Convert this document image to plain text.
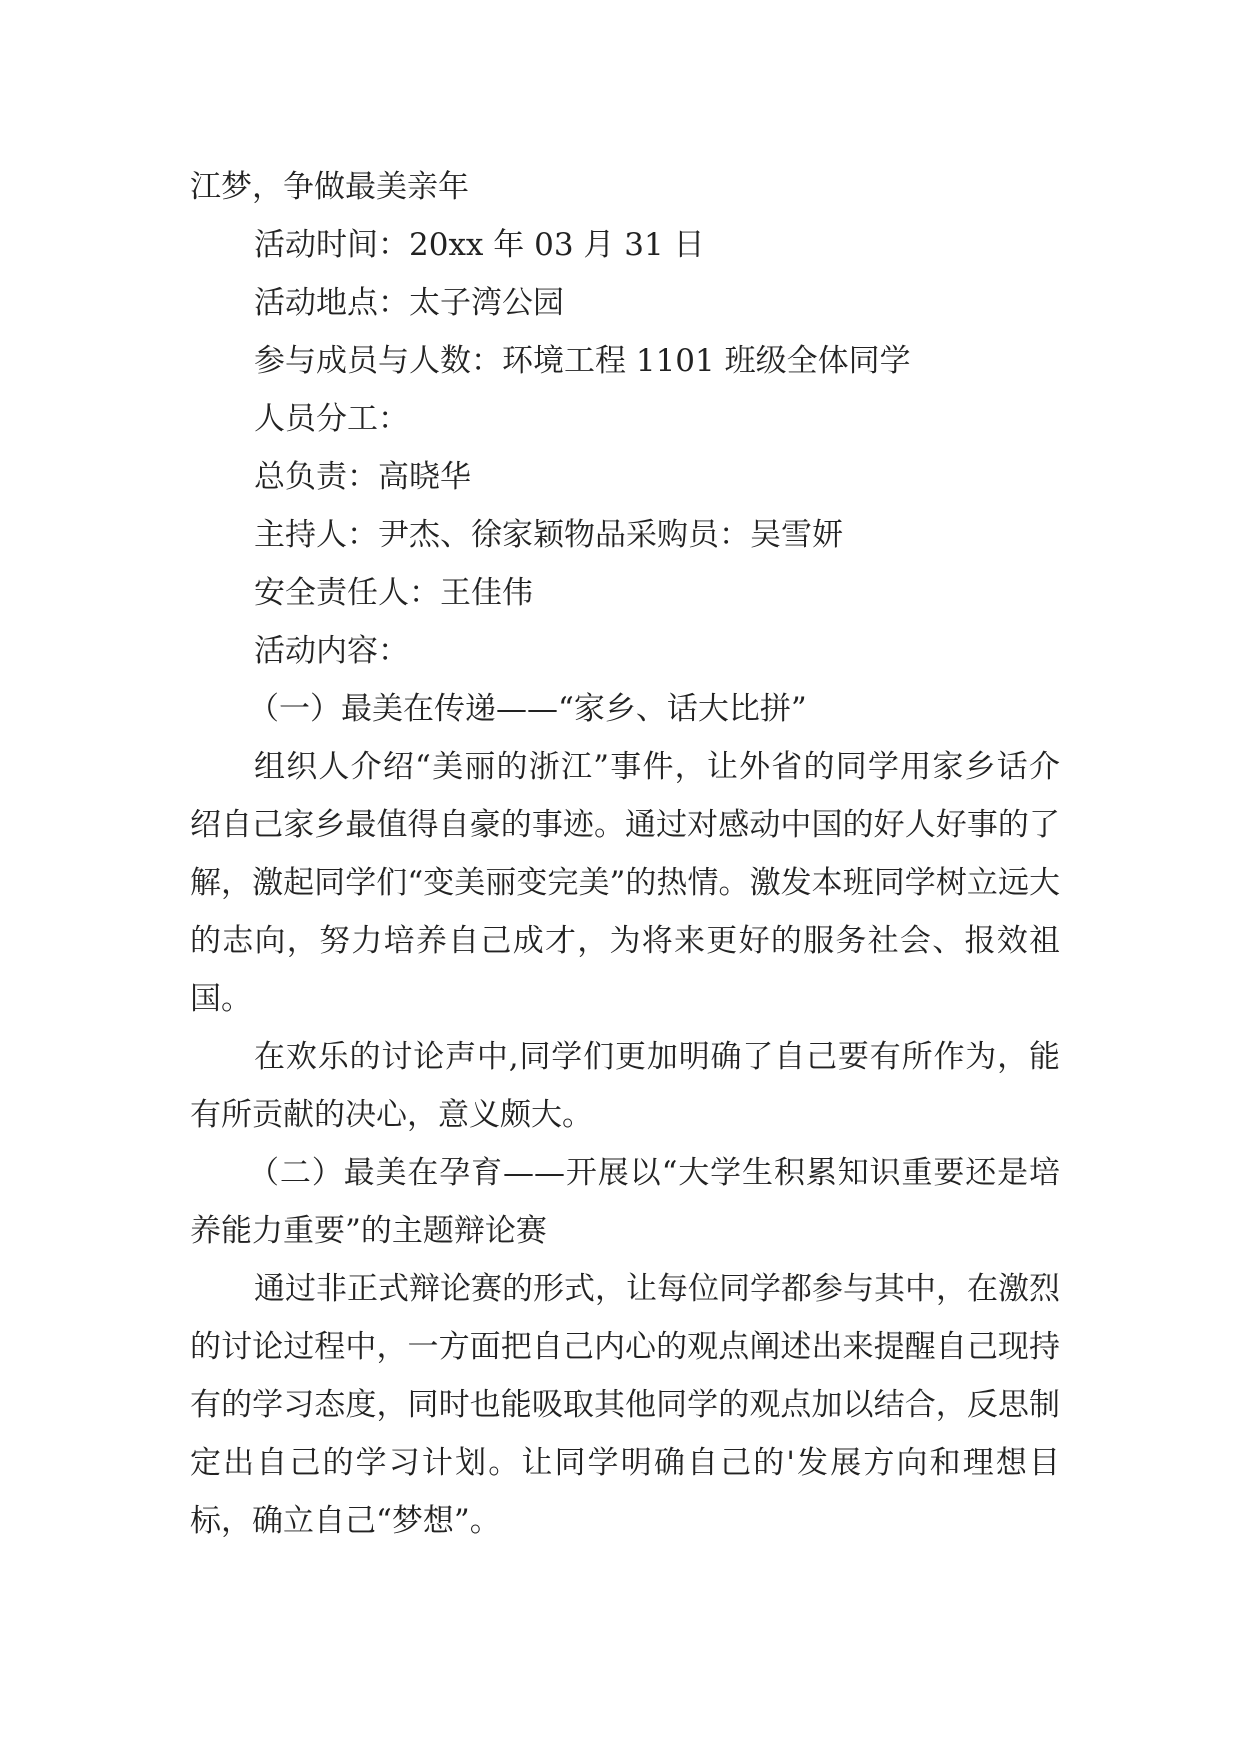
江梦，争做最美亲年

活动时间：20xx 年 03 月 31 日

活动地点：太子湾公园

参与成员与人数：环境工程 1101 班级全体同学

人员分工：

总负责：高晓华

主持人：尹杰、徐家颖物品采购员：吴雪妍

安全责任人：王佳伟

活动内容：

（一）最美在传递——“家乡、话大比拼”

组织人介绍“美丽的浙江”事件，让外省的同学用家乡话介绍自己家乡最值得自豪的事迹。通过对感动中国的好人好事的了解，激起同学们“变美丽变完美”的热情。激发本班同学树立远大的志向，努力培养自己成才，为将来更好的服务社会、报效祖国。

在欢乐的讨论声中,同学们更加明确了自己要有所作为，能有所贡献的决心，意义颇大。

（二）最美在孕育——开展以“大学生积累知识重要还是培养能力重要”的主题辩论赛

通过非正式辩论赛的形式，让每位同学都参与其中，在激烈的讨论过程中，一方面把自己内心的观点阐述出来提醒自己现持有的学习态度，同时也能吸取其他同学的观点加以结合，反思制定出自己的学习计划。让同学明确自己的'发展方向和理想目标，确立自己“梦想”。
